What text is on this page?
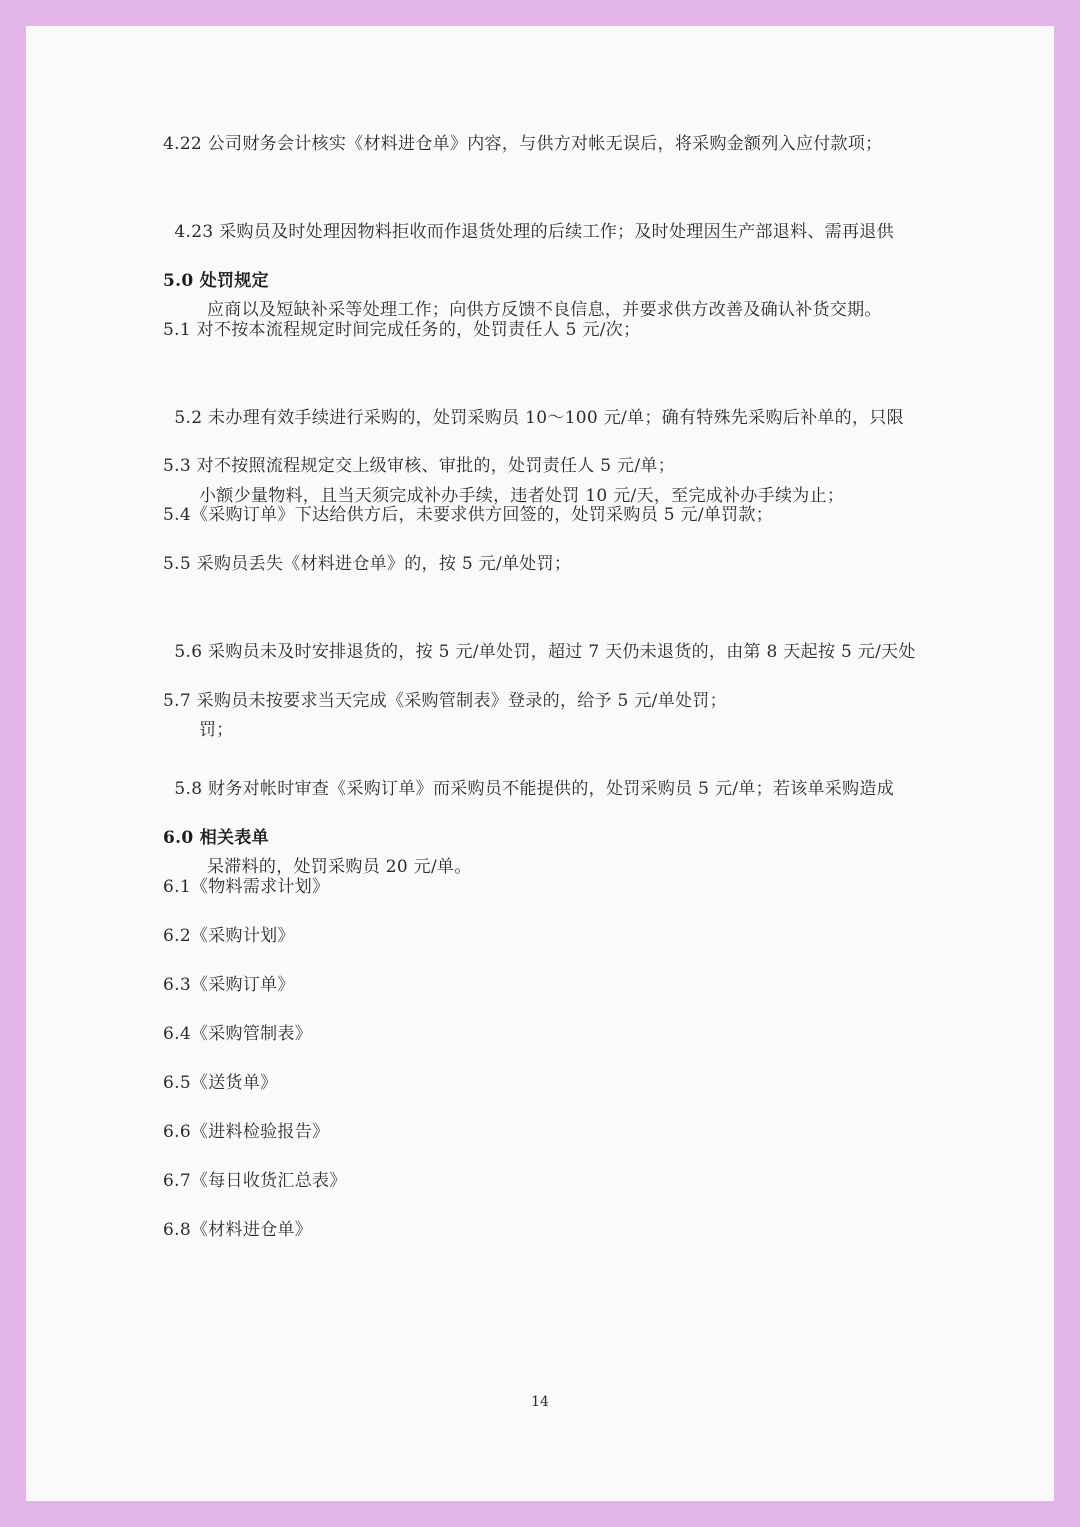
4.22 公司财务会计核实《材料进仓单》内容，与供方对帐无误后，将采购金额列入应付款项；

4.23 采购员及时处理因物料拒收而作退货处理的后续工作；及时处理因生产部退料、需再退供

应商以及短缺补采等处理工作；向供方反馈不良信息，并要求供方改善及确认补货交期。

5.0 处罚规定
5.1 对不按本流程规定时间完成任务的，处罚责任人 5 元/次；

5.2 未办理有效手续进行采购的，处罚采购员 10～100 元/单；确有特殊先采购后补单的，只限

小额少量物料，且当天须完成补办手续，违者处罚 10 元/天，至完成补办手续为止；

5.3 对不按照流程规定交上级审核、审批的，处罚责任人 5 元/单；
5.4《采购订单》下达给供方后，未要求供方回签的，处罚采购员 5 元/单罚款；
5.5 采购员丢失《材料进仓单》的，按 5 元/单处罚；

5.6 采购员未及时安排退货的，按 5 元/单处罚，超过 7 天仍未退货的，由第 8 天起按 5 元/天处

罚；

5.7 采购员未按要求当天完成《采购管制表》登录的，给予 5 元/单处罚；

5.8 财务对帐时审查《采购订单》而采购员不能提供的，处罚采购员 5 元/单；若该单采购造成

呆滞料的，处罚采购员 20 元/单。

6.0 相关表单
6.1《物料需求计划》
6.2《采购计划》
6.3《采购订单》
6.4《采购管制表》
6.5《送货单》
6.6《进料检验报告》
6.7《每日收货汇总表》
6.8《材料进仓单》
14
